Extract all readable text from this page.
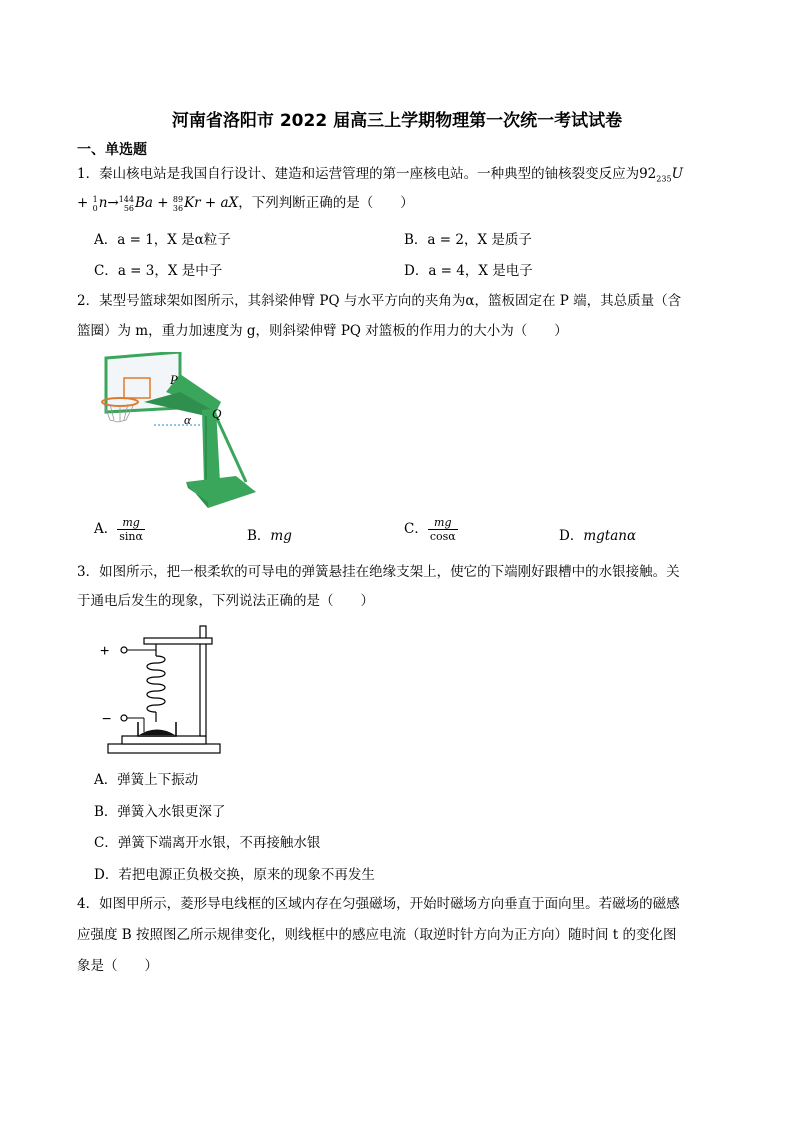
河南省洛阳市 2022 届高三上学期物理第一次统一考试试卷
一、单选题
1．秦山核电站是我国自行设计、建造和运营管理的第一座核电站。一种典型的铀核裂变反应为$92_{235}U$
+ 1
0n→144
56Ba + 89
36Kr + aX，下列判断正确的是（　　）
A．a = 1，X 是α粒子	B．a = 2，X 是质子
C．a = 3，X 是中子	D．a = 4，X 是电子
2．某型号篮球架如图所示，其斜梁伸臂 PQ 与水平方向的夹角为α，篮板固定在 P 端，其总质量（含
篮圈）为 m，重力加速度为 g，则斜梁伸臂 PQ 对篮板的作用力的大小为（　　）
P
Q
α
A． $\frac{mg}{\sin\alpha}$	B．mg	C． $\frac{mg}{\cos\alpha}$	D．mgtanα
3．如图所示，把一根柔软的可导电的弹簧悬挂在绝缘支架上，使它的下端刚好跟槽中的水银接触。关
于通电后发生的现象，下列说法正确的是（　　）
+
−
A．弹簧上下振动
B．弹簧入水银更深了
C．弹簧下端离开水银，不再接触水银
D．若把电源正负极交换，原来的现象不再发生
4．如图甲所示，菱形导电线框的区域内存在匀强磁场，开始时磁场方向垂直于面向里。若磁场的磁感
应强度 B 按照图乙所示规律变化，则线框中的感应电流（取逆时针方向为正方向）随时间 t 的变化图
象是（　　）
